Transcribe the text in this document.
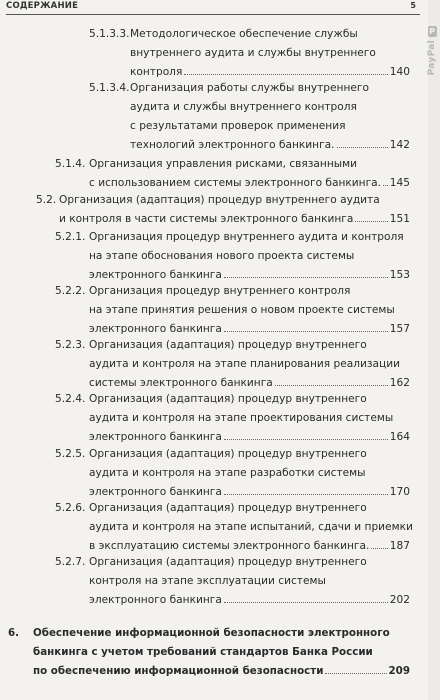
СОДЕРЖАНИЕ	5
5.1.3.3. Методологическое обеспечение службы
внутреннего аудита и службы внутреннего
контроля	140
5.1.3.4. Организация работы службы внутреннего
аудита и службы внутреннего контроля
с результатами проверок применения
технологий электронного банкинга.	142
5.1.4. Организация управления рисками, связанными
с использованием системы электронного банкинга. 145
5.2. Организация (адаптация) процедур внутреннего аудита
и контроля в части системы электронного банкинга	151
5.2.1. Организация процедур внутреннего аудита и контроля
на этапе обоснования нового проекта системы
электронного банкинга	153
5.2.2. Организация процедур внутреннего контроля
на этапе принятия решения о новом проекте системы
электронного банкинга	157
5.2.3. Организация (адаптация) процедур внутреннего
аудита и контроля на этапе планирования реализации
системы электронного банкинга	162
5.2.4. Организация (адаптация) процедур внутреннего
аудита и контроля на этапе проектирования системы
электронного банкинга	164
5.2.5. Организация (адаптация) процедур внутреннего
аудита и контроля на этапе разработки системы
электронного банкинга	170
5.2.6. Организация (адаптация) процедур внутреннего
аудита и контроля на этапе испытаний, сдачи и приемки
в эксплуатацию системы электронного банкинга. 187
5.2.7. Организация (адаптация) процедур внутреннего
контроля на этапе эксплуатации системы
электронного банкинга	202
6. Обеспечение информационной безопасности электронного
банкинга с учетом требований стандартов Банка России
по обеспечению информационной безопасности	209
P
PayPal
